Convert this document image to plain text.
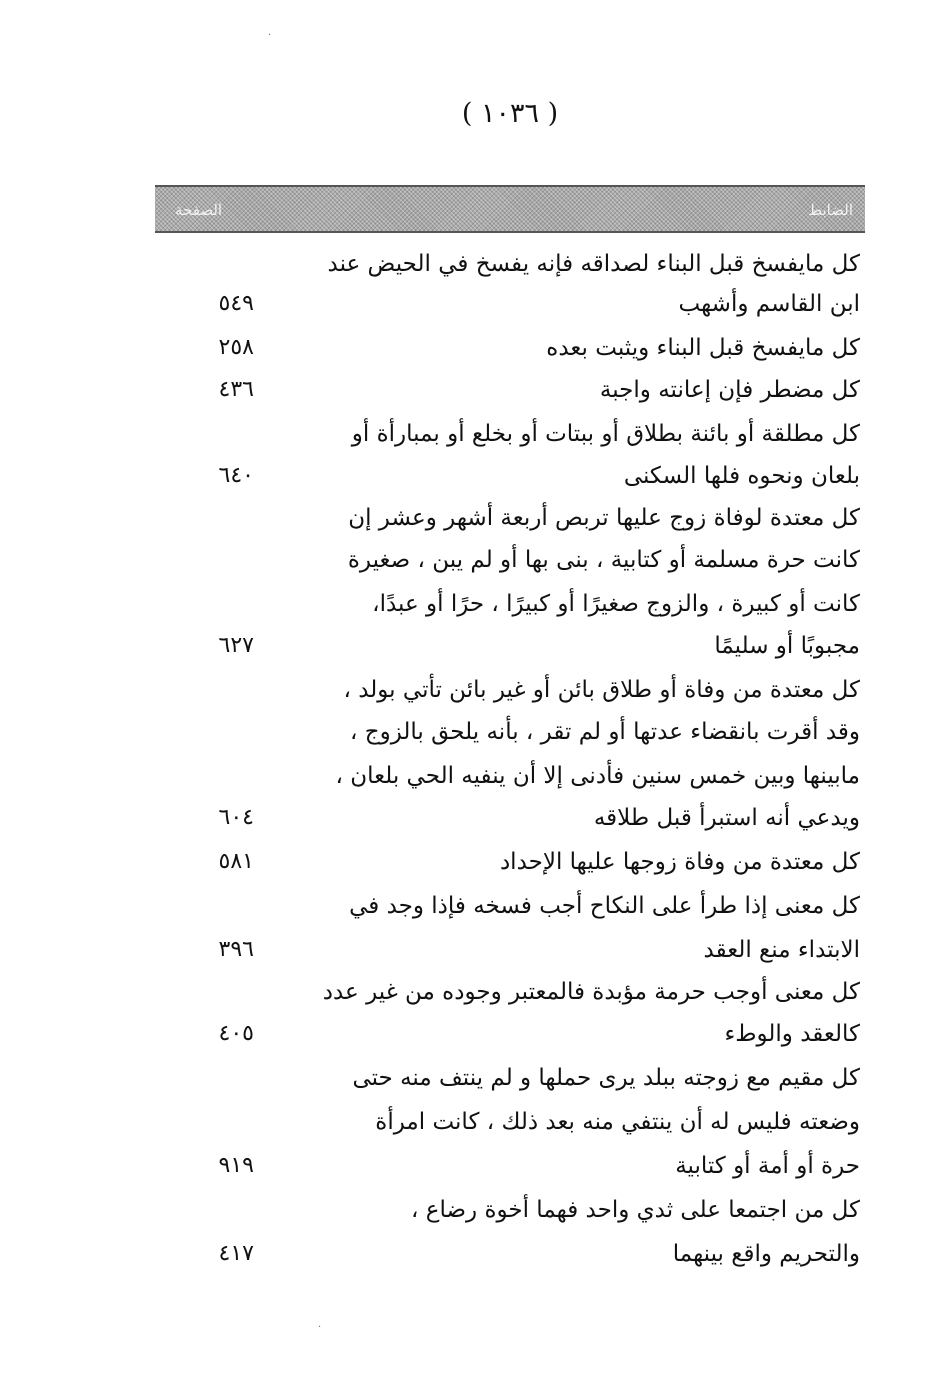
( ١٠٣٦ )
الضابط
الصفحة
كل مايفسخ قبل البناء لصداقه فإنه يفسخ في الحيض عند
ابن القاسم وأشهب
٥٤٩
كل مايفسخ قبل البناء ويثبت بعده
٢٥٨
كل مضطر فإن إعانته واجبة
٤٣٦
كل مطلقة أو بائنة بطلاق أو ببتات أو بخلع أو بمبارأة أو
بلعان ونحوه فلها السكنى
٦٤٠
كل معتدة لوفاة زوج عليها تربص أربعة أشهر وعشر إن
كانت حرة مسلمة أو كتابية ، بنى بها أو لم يبن ، صغيرة
كانت أو كبيرة ، والزوج صغيرًا أو كبيرًا ، حرًا أو عبدًا،
مجبوبًا أو سليمًا
٦٢٧
كل معتدة من وفاة أو طلاق بائن أو غير بائن تأتي بولد ،
وقد أقرت بانقضاء عدتها أو لم تقر ، بأنه يلحق بالزوج ،
مابينها وبين خمس سنين فأدنى إلا أن ينفيه الحي بلعان ،
ويدعي أنه استبرأ قبل طلاقه
٦٠٤
كل معتدة من وفاة زوجها عليها الإحداد
٥٨١
كل معنى إذا طرأ على النكاح أجب فسخه فإذا وجد في
الابتداء منع العقد
٣٩٦
كل معنى أوجب حرمة مؤبدة فالمعتبر وجوده من غير عدد
كالعقد والوطء
٤٠٥
كل مقيم مع زوجته ببلد يرى حملها و لم ينتف منه حتى
وضعته فليس له أن ينتفي منه بعد ذلك ، كانت امرأة
حرة أو أمة أو كتابية
٩١٩
كل من اجتمعا على ثدي واحد فهما أخوة رضاع ،
والتحريم واقع بينهما
٤١٧
·
·
